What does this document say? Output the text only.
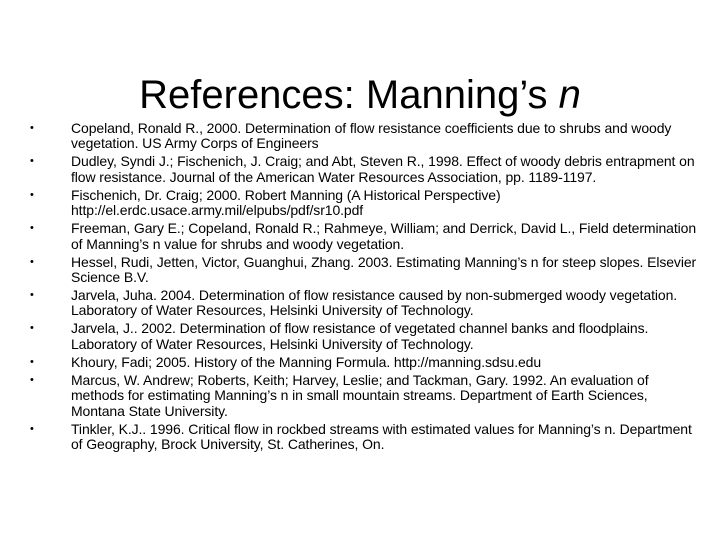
References: Manning’s n
•	Copeland, Ronald R., 2000. Determination of flow resistance coefficients due to shrubs and woody vegetation. US Army Corps of Engineers
•	Dudley, Syndi J.; Fischenich, J. Craig; and Abt, Steven R., 1998. Effect of woody debris entrapment on flow resistance. Journal of the American Water Resources Association, pp. 1189-1197.
•	Fischenich, Dr. Craig; 2000. Robert Manning (A Historical Perspective) http://el.erdc.usace.army.mil/elpubs/pdf/sr10.pdf
•	Freeman, Gary E.; Copeland, Ronald R.; Rahmeye, William; and Derrick, David L., Field determination of Manning’s n value for shrubs and woody vegetation.
•	Hessel, Rudi, Jetten, Victor, Guanghui, Zhang. 2003. Estimating Manning’s n for steep slopes. Elsevier Science B.V.
•	Jarvela, Juha. 2004. Determination of flow resistance caused by non-submerged woody vegetation. Laboratory of Water Resources, Helsinki University of Technology.
•	Jarvela, J.. 2002. Determination of flow resistance of vegetated channel banks and floodplains. Laboratory of Water Resources, Helsinki University of Technology.
•	Khoury, Fadi; 2005. History of the Manning Formula. http://manning.sdsu.edu
•	Marcus, W. Andrew; Roberts, Keith; Harvey, Leslie; and Tackman, Gary. 1992. An evaluation of methods for estimating Manning’s n in small mountain streams. Department of Earth Sciences, Montana State University.
•	Tinkler, K.J.. 1996. Critical flow in rockbed streams with estimated values for Manning’s n. Department of Geography, Brock University, St. Catherines, On.
